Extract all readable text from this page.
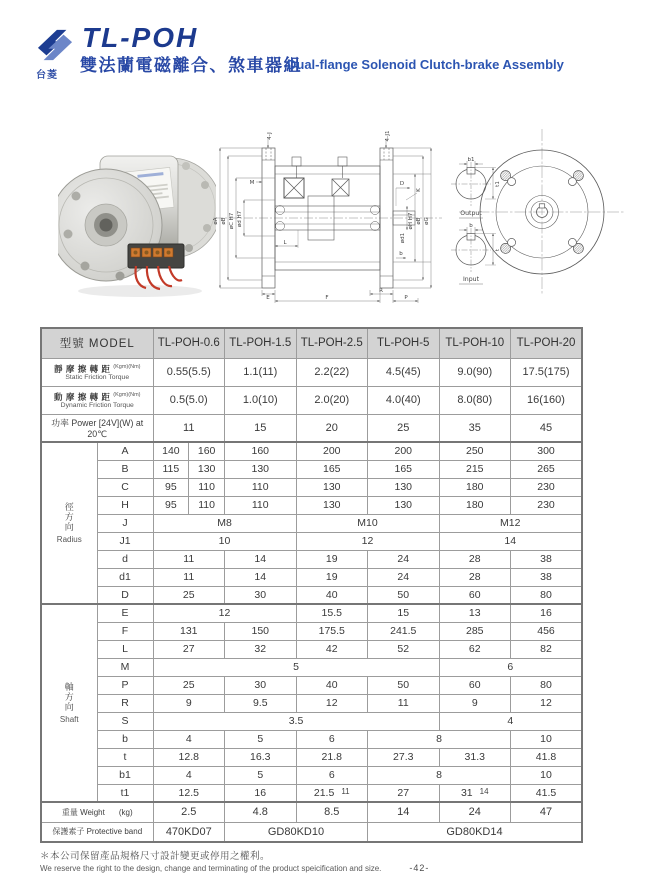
台菱
TL-POH
雙法蘭電磁離合、煞車器組
Dual-flange Solenoid Clutch-brake Assembly
4-J	4-J1
øA øB øC H7 ød H7
M
L
D
K
ød1
øH H7 øB øG
E	F
R
P
b
b1
t1
Output
b
t
Input
型號 MODEL		TL-POH-0.6		TL-POH-1.5	TL-POH-2.5	TL-POH-5	TL-POH-10	TL-POH-20

靜 摩 擦 轉 距 $^{(Kgm)(Nm)}$
Static Friction Torque		0.55(5.5)		1.1(11)	2.2(22)	4.5(45)	9.0(90)	17.5(175)

動 摩 擦 轉 距 $^{(Kgm)(Nm)}$
Dynamic Friction Torque		0.5(5.0)		1.0(10)	2.0(20)	4.0(40)	8.0(80)	16(160)

功率 Power [24V](W) at 20℃		11		15	20	25	35	45

徑
方
向
Radius	A	140	160	160	200	200	250	300
	B	115	130	130	165	165	215	265
	C	95	110	110	130	130	180	230
	H	95	110	110	130	130	180	230
	J	M8			M10		M12	
	J1	10			12		14	
	d	11		14	19	24	28	38
	d1	11		14	19	24	28	38
	D	25		30	40	50	60	80

軸
方
向
Shaft	E	12			15.5	15	13	16
	F	131		150	175.5	241.5	285	456
	L	27		32	42	52	62	82
	M	5					6	
	P	25		30	40	50	60	80
	R	9		9.5	12	11	9	12
	S	3.5					4	
	b	4		5	6	8		10
	t	12.8		16.3	21.8	27.3	31.3	41.8
	b1	4		5	6	8		10
	t1	12.5		16	21.5 11	27	31 14	41.5

重量 Weight (kg)		2.5		4.8	8.5	14	24	47

保護素子 Protective band		470KD07		GD80KD10		GD80KD14		
＊本公司保留產品規格尺寸設計變更或停用之權利。
We reserve the right to the design, change and terminating of the product speicification and size.	-42-
